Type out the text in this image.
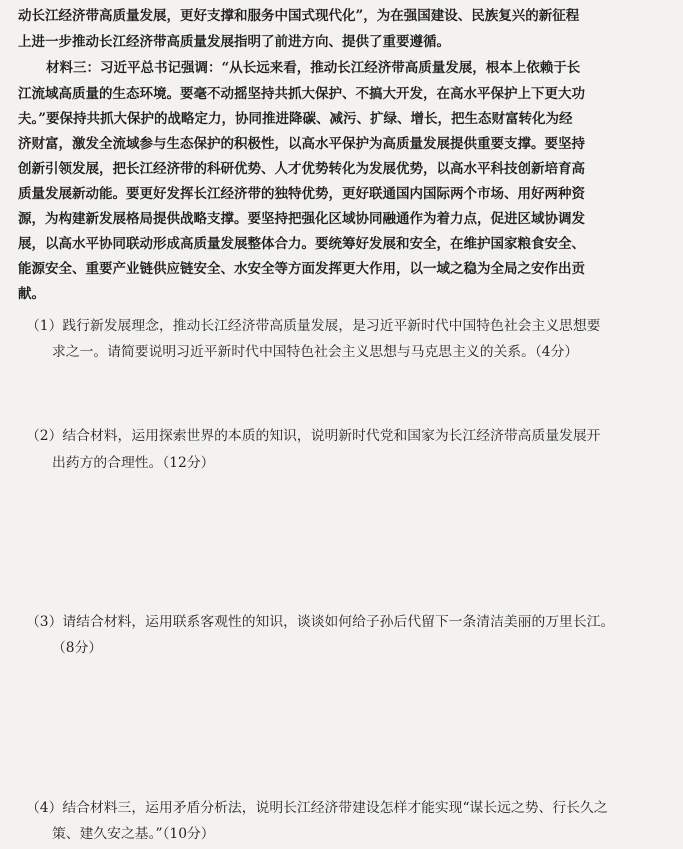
动长江经济带高质量发展，更好支撑和服务中国式现代化”，为在强国建设、民族复兴的新征程
上进一步推动长江经济带高质量发展指明了前进方向、提供了重要遵循。
材料三：习近平总书记强调：“从长远来看，推动长江经济带高质量发展，根本上依赖于长
江流域高质量的生态环境。要毫不动摇坚持共抓大保护、不搞大开发，在高水平保护上下更大功
夫。”要保持共抓大保护的战略定力，协同推进降碳、减污、扩绿、增长，把生态财富转化为经
济财富，激发全流域参与生态保护的积极性，以高水平保护为高质量发展提供重要支撑。要坚持
创新引领发展，把长江经济带的科研优势、人才优势转化为发展优势，以高水平科技创新培育高
质量发展新动能。要更好发挥长江经济带的独特优势，更好联通国内国际两个市场、用好两种资
源，为构建新发展格局提供战略支撑。要坚持把强化区域协同融通作为着力点，促进区域协调发
展，以高水平协同联动形成高质量发展整体合力。要统筹好发展和安全，在维护国家粮食安全、
能源安全、重要产业链供应链安全、水安全等方面发挥更大作用，以一域之稳为全局之安作出贡
献。
（1）践行新发展理念，推动长江经济带高质量发展，是习近平新时代中国特色社会主义思想要
求之一。请简要说明习近平新时代中国特色社会主义思想与马克思主义的关系。（4分）
（2）结合材料，运用探索世界的本质的知识，说明新时代党和国家为长江经济带高质量发展开
出药方的合理性。（12分）
（3）请结合材料，运用联系客观性的知识，谈谈如何给子孙后代留下一条清洁美丽的万里长江。
（8分）
（4）结合材料三，运用矛盾分析法，说明长江经济带建设怎样才能实现“谋长远之势、行长久之
策、建久安之基。”（10分）
